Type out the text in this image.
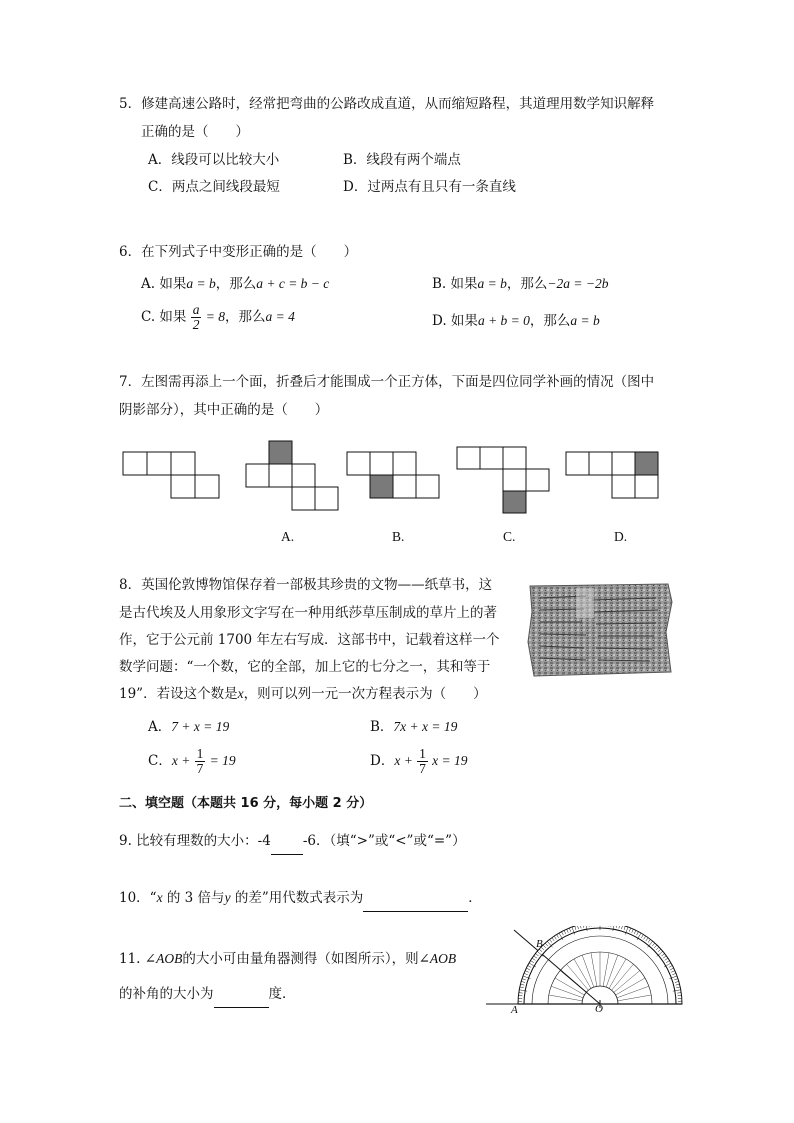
5．修建高速公路时，经常把弯曲的公路改成直道，从而缩短路程，其道理用数学知识解释
正确的是（　　）
A．线段可以比较大小	B．线段有两个端点
C．两点之间线段最短	D．过两点有且只有一条直线
6．在下列式子中变形正确的是（　　）
A. 如果a = b，那么a + c = b − c	B. 如果a = b，那么−2a = −2b
C. 如果 $\frac{a}{2} = 8$，那么a = 4	D. 如果a + b = 0，那么a = b
7．左图需再添上一个面，折叠后才能围成一个正方体，下面是四位同学补画的情况（图中
阴影部分），其中正确的是（　　）
A.	B.	C.	D.
8．英国伦敦博物馆保存着一部极其珍贵的文物——纸草书，这
是古代埃及人用象形文字写在一种用纸莎草压制成的草片上的著
作，它于公元前 1700 年左右写成．这部书中，记载着这样一个
数学问题：“一个数，它的全部，加上它的七分之一，其和等于
19”．若设这个数是x，则可以列一元一次方程表示为（　　）
A．7 + x = 19	B．7x + x = 19
C．$x + \frac{1}{7} = 19$	D．$x + \frac{1}{7}$ x = 19
二、填空题（本题共 16 分，每小题 2 分）
9. 比较有理数的大小：-4 -6．（填“>”或“<”或“=”）
10．“x 的 3 倍与y 的差”用代数式表示为	．
11. ∠AOB的大小可由量角器测得（如图所示），则∠AOB
的补角的大小为	度．
B
A	O
